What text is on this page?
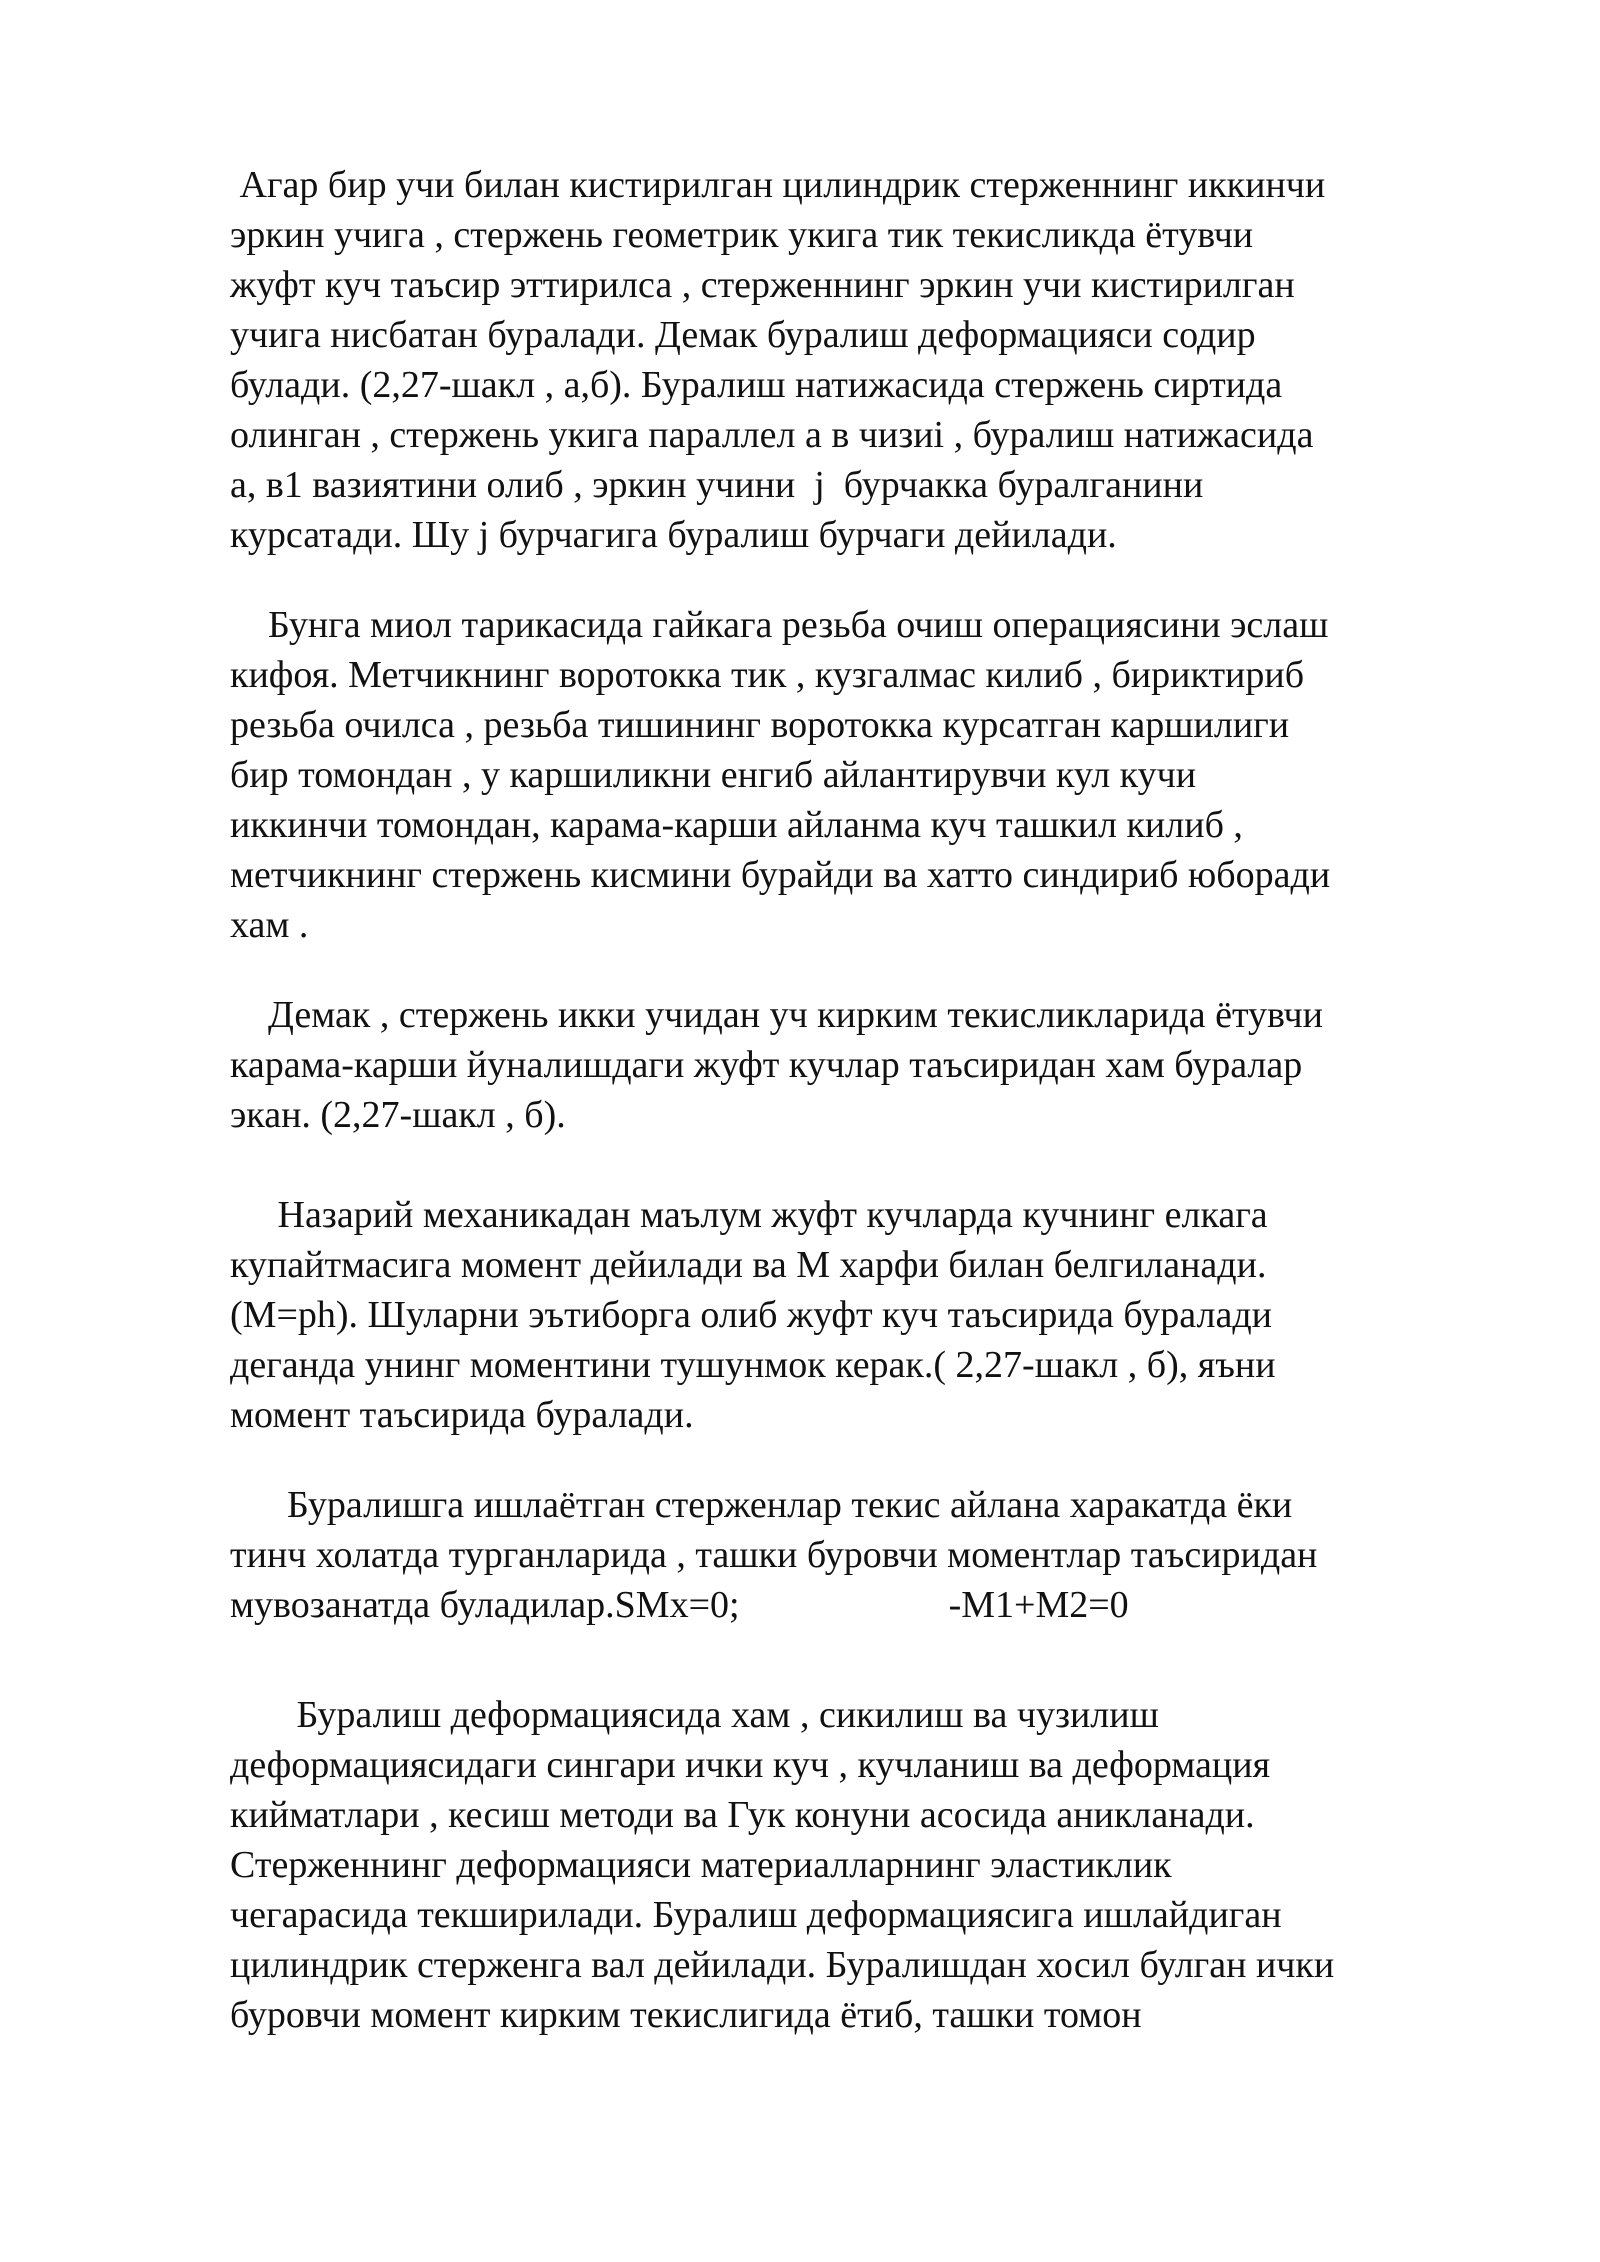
Агар бир учи билан кистирилган цилиндрик стерженнинг иккинчи

эркин учига , стержень геометрик укига тик текисликда ётувчи

жуфт куч таъсир эттирилса , стерженнинг эркин учи кистирилган

учига нисбатан буралади. Демак буралиш деформацияси содир

булади. (2,27-шакл , а,б). Буралиш натижасида стержень сиртида

олинган , стержень укига параллел а в чизиі , буралиш натижасида

а, в1 вазиятини олиб , эркин учини  j  бурчакка буралганини

курсатади. Шу j бурчагига буралиш бурчаги дейилади.

Бунга миол тарикасида гайкага резьба очиш операциясини эслаш

кифоя. Метчикнинг воротокка тик , кузгалмас килиб , бириктириб

резьба очилса , резьба тишининг воротокка курсатган каршилиги

бир томондан , у каршиликни енгиб айлантирувчи кул кучи

иккинчи томондан, карама-карши айланма куч ташкил килиб ,

метчикнинг стержень кисмини бурайди ва хатто синдириб юборади

хам .

Демак , стержень икки учидан уч кирким текисликларида ётувчи

карама-карши йуналишдаги жуфт кучлар таъсиридан хам буралар

экан. (2,27-шакл , б).

Назарий механикадан маълум жуфт кучларда кучнинг елкага

купайтмасига момент дейилади ва М харфи билан белгиланади.

(М=ph). Шуларни эътиборга олиб жуфт куч таъсирида буралади

деганда унинг моментини тушунмок керак.( 2,27-шакл , б), яъни

момент таъсирида буралади.

Буралишга ишлаётган стерженлар текис айлана харакатда ёки

тинч холатда турганларида , ташки буровчи моментлар таъсиридан

мувозанатда буладилар.SMx=0;                      -M1+M2=0

Буралиш деформациясида хам , сикилиш ва чузилиш

деформациясидаги сингари ички куч , кучланиш ва деформация

кийматлари , кесиш методи ва Гук конуни асосида аникланади.

Стерженнинг деформацияси материалларнинг эластиклик

чегарасида текширилади. Буралиш деформациясига ишлайдиган

цилиндрик стерженга вал дейилади. Буралишдан хосил булган ички

буровчи момент кирким текислигида ётиб, ташки томон
